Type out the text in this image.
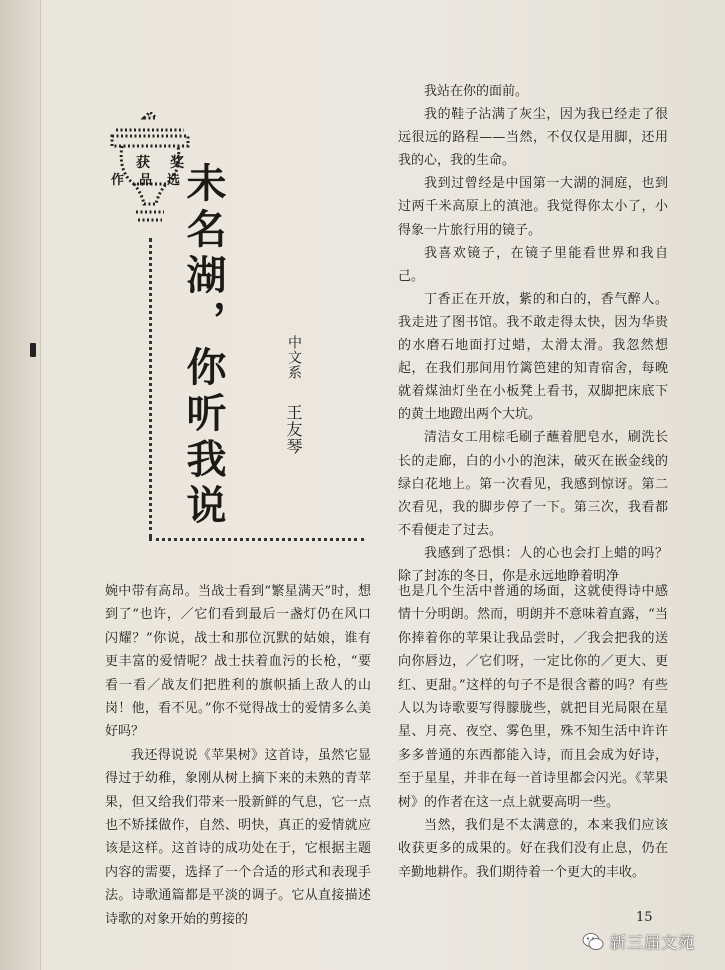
获奖
作品选
未名湖，你听我说	中文系
王友琴

我站在你的面前。

我的鞋子沾满了灰尘，因为我已经走了很远很远的路程——当然，不仅仅是用脚，还用我的心，我的生命。

我到过曾经是中国第一大湖的洞庭，也到过两千米高原上的滇池。我觉得你太小了，小得象一片旅行用的镜子。

我喜欢镜子，在镜子里能看世界和我自己。

丁香正在开放，紫的和白的，香气醉人。我走进了图书馆。我不敢走得太快，因为华贵的水磨石地面打过蜡，太滑太滑。我忽然想起，在我们那间用竹篱笆建的知青宿舍，每晚就着煤油灯坐在小板凳上看书，双脚把床底下的黄土地蹬出两个大坑。

清洁女工用棕毛刷子蘸着肥皂水，刷洗长长的走廊，白的小小的泡沫，破灭在嵌金线的绿白花地上。第一次看见，我感到惊讶。第二次看见，我的脚步停了一下。第三次，我看都不看便走了过去。

我感到了恐惧：人的心也会打上蜡的吗？除了封冻的冬日，你是永远地睁着明净

婉中带有高昂。当战士看到“繁星满天”时，想到了“也许，／它们看到最后一盏灯仍在风口闪耀？”你说，战士和那位沉默的姑娘，谁有更丰富的爱情呢？战士扶着血污的长枪，“要看一看／战友们把胜利的旗帜插上敌人的山岗！他，看不见。”你不觉得战士的爱情多么美好吗？

我还得说说《苹果树》这首诗，虽然它显得过于幼稚，象刚从树上摘下来的未熟的青苹果，但又给我们带来一股新鲜的气息，它一点也不矫揉做作，自然、明快，真正的爱情就应该是这样。这首诗的成功处在于，它根据主题内容的需要，选择了一个合适的形式和表现手法。诗歌通篇都是平淡的调子。它从直接描述诗歌的对象开始的剪接的

也是几个生活中普通的场面，这就使得诗中感情十分明朗。然而，明朗并不意味着直露，“当你捧着你的苹果让我品尝时，／我会把我的送向你唇边，／它们呀，一定比你的／更大、更红、更甜。”这样的句子不是很含蓄的吗？有些人以为诗歌要写得朦胧些，就把目光局限在星星、月亮、夜空、雾色里，殊不知生活中许许多多普通的东西都能入诗，而且会成为好诗，至于星星，并非在每一首诗里都会闪光。《苹果树》的作者在这一点上就要高明一些。

当然，我们是不太满意的，本来我们应该收获更多的成果的。好在我们没有止息，仍在辛勤地耕作。我们期待着一个更大的丰收。

15
新三届文苑
